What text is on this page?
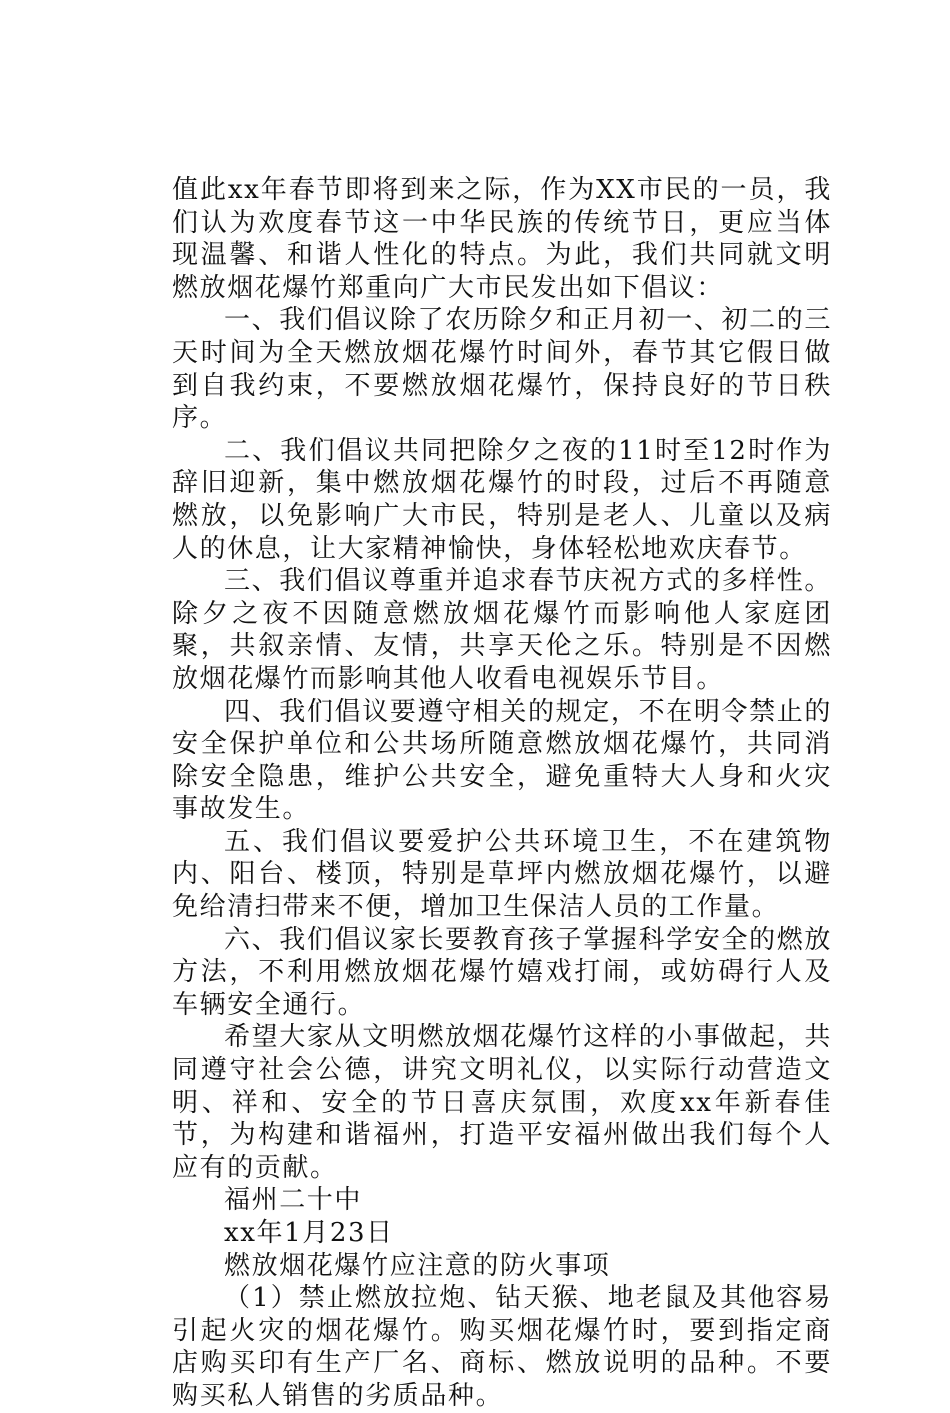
值此xx年春节即将到来之际，作为XX市民的一员，我们认为欢度春节这一中华民族的传统节日，更应当体现温馨、和谐人性化的特点。为此，我们共同就文明燃放烟花爆竹郑重向广大市民发出如下倡议：

一、我们倡议除了农历除夕和正月初一、初二的三天时间为全天燃放烟花爆竹时间外，春节其它假日做到自我约束，不要燃放烟花爆竹，保持良好的节日秩序。

二、我们倡议共同把除夕之夜的11时至12时作为辞旧迎新，集中燃放烟花爆竹的时段，过后不再随意燃放，以免影响广大市民，特别是老人、儿童以及病人的休息，让大家精神愉快，身体轻松地欢庆春节。

三、我们倡议尊重并追求春节庆祝方式的多样性。除夕之夜不因随意燃放烟花爆竹而影响他人家庭团聚，共叙亲情、友情，共享天伦之乐。特别是不因燃放烟花爆竹而影响其他人收看电视娱乐节目。

四、我们倡议要遵守相关的规定，不在明令禁止的安全保护单位和公共场所随意燃放烟花爆竹，共同消除安全隐患，维护公共安全，避免重特大人身和火灾事故发生。

五、我们倡议要爱护公共环境卫生，不在建筑物内、阳台、楼顶，特别是草坪内燃放烟花爆竹，以避免给清扫带来不便，增加卫生保洁人员的工作量。

六、我们倡议家长要教育孩子掌握科学安全的燃放方法，不利用燃放烟花爆竹嬉戏打闹，或妨碍行人及车辆安全通行。

希望大家从文明燃放烟花爆竹这样的小事做起，共同遵守社会公德，讲究文明礼仪，以实际行动营造文明、祥和、安全的节日喜庆氛围，欢度xx年新春佳节，为构建和谐福州，打造平安福州做出我们每个人应有的贡献。

福州二十中

xx年1月23日

燃放烟花爆竹应注意的防火事项

（1）禁止燃放拉炮、钻天猴、地老鼠及其他容易引起火灾的烟花爆竹。购买烟花爆竹时，要到指定商店购买印有生产厂名、商标、燃放说明的品种。不要购买私人销售的劣质品种。
